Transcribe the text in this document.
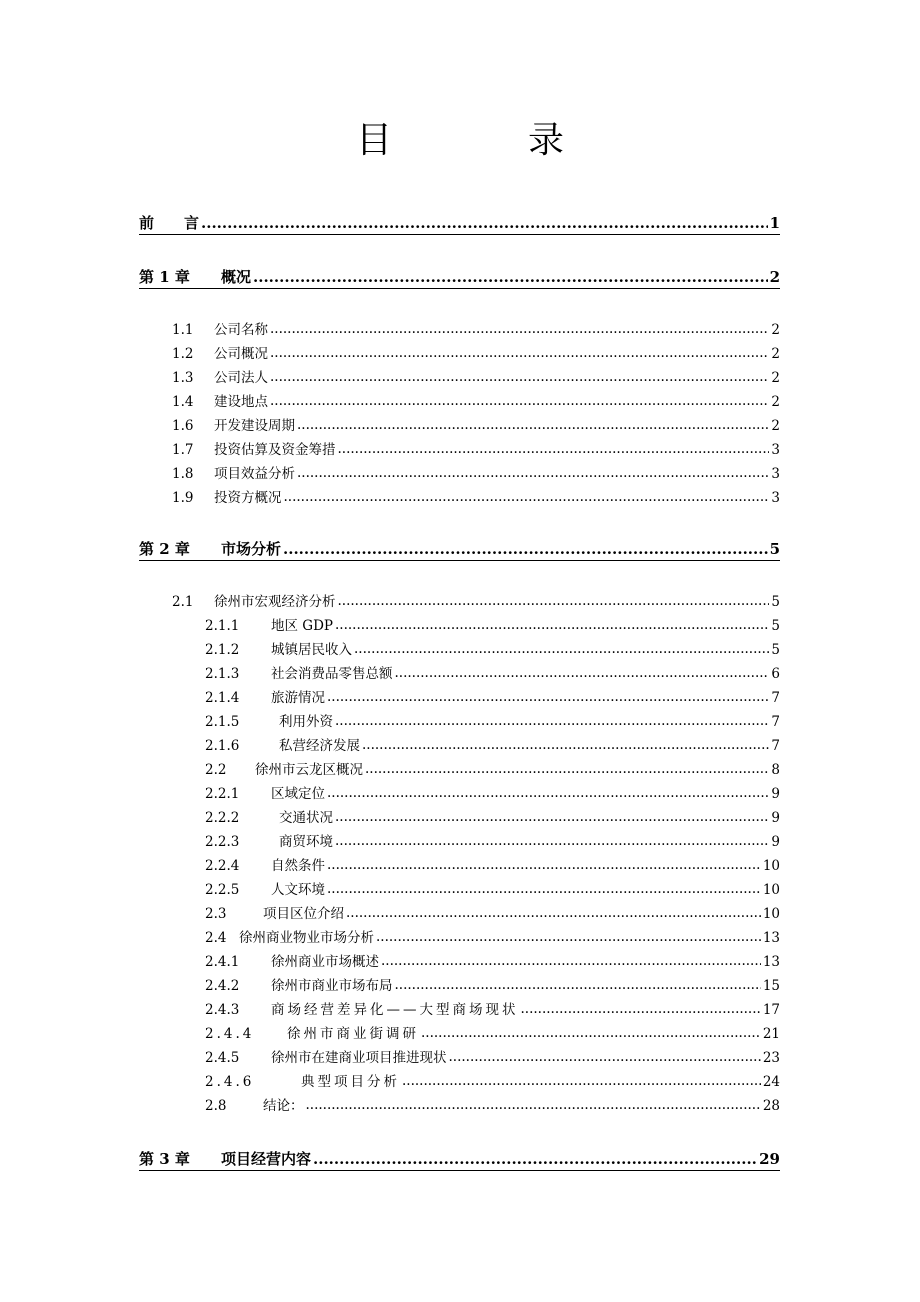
目　录
前　　言 .....	1
第 1 章	概况 .....	2
1.1	公司名称 .....	2
1.2	公司概况 .....	2
1.3	公司法人 .....	2
1.4	建设地点 .....	2
1.6	开发建设周期 .....	2
1.7	投资估算及资金筹措 .....	3
1.8	项目效益分析 .....	3
1.9	投资方概况 .....	3
第 2 章	市场分析 .....	5
2.1	徐州市宏观经济分析 .....	5
2.1.1	地区 GDP .....	5
2.1.2	城镇居民收入 .....	5
2.1.3	社会消费品零售总额 .....	6
2.1.4	旅游情况 .....	7
2.1.5	利用外资 .....	7
2.1.6	私营经济发展 .....	7
2.2	徐州市云龙区概况 .....	8
2.2.1	区域定位 .....	9
2.2.2	交通状况 .....	9
2.2.3	商贸环境 .....	9
2.2.4	自然条件 .....	10
2.2.5	人文环境 .....	10
2.3	项目区位介绍 .....	10
2.4 徐州商业物业市场分析 .....	13
2.4.1	徐州商业市场概述 .....	13
2.4.2	徐州市商业市场布局 .....	15
2.4.3	商场经营差异化——大型商场现状 .....	17
2.4.4	徐州市商业街调研 .....	21
2.4.5	徐州市在建商业项目推进现状 .....	23
2.4.6	典型项目分析 .....	24
2.8	结论： .....	28
第 3 章	项目经营内容 .....	29
